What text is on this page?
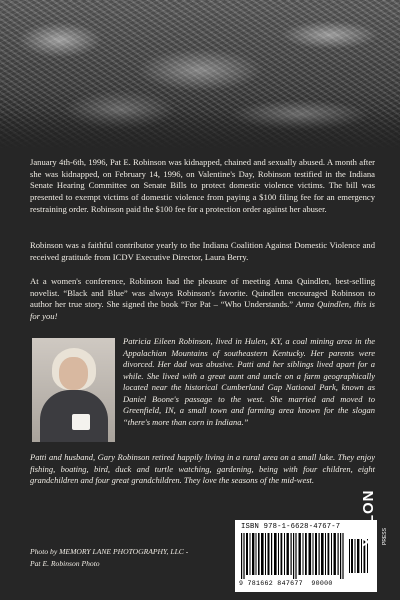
January 4th-6th, 1996, Pat E. Robinson was kidnapped, chained and sexually abused. A month after she was kidnapped, on February 14, 1996, on Valentine's Day, Robinson testified in the Indiana Senate Hearing Committee on Senate Bills to protect domestic violence victims. The bill was presented to exempt victims of domestic violence from paying a $100 filing fee for an emergency restraining order. Robinson paid the $100 fee for a protection order against her abuser.

Robinson was a faithful contributor yearly to the Indiana Coalition Against Domestic Violence and received gratitude from ICDV Executive Director, Laura Berry.

At a women's conference, Robinson had the pleasure of meeting Anna Quindlen, best-selling novelist. “Black and Blue” was always Robinson's favorite. Quindlen encouraged Robinson to author her true story. She signed the book “For Pat – “Who Understands.” Anna Quindlen, this is for you!

Patricia Eileen Robinson, lived in Hulen, KY, a coal mining area in the Appalachian Mountains of southeastern Kentucky. Her parents were divorced. Her dad was abusive. Patti and her siblings lived apart for a while. She lived with a great aunt and uncle on a farm geographically located near the historical Cumberland Gap National Park, known as Daniel Boone's passage to the west. She married and moved to Greenfield, IN, a small town and farming area known for the slogan “there's more than corn in Indiana.”

Patti and husband, Gary Robinson retired happily living in a rural area on a small lake. They enjoy fishing, boating, bird, duck and turtle watching, gardening, being with four children, eight grandchildren and four great grandchildren. They love the seasons of the mid-west.

Photo by MEMORY LANE PHOTOGRAPHY, LLC -
Pat E. Robinson Photo
ISBN 978-1-6628-4767-7
9 781662 847677 90000
XULON PRESS
